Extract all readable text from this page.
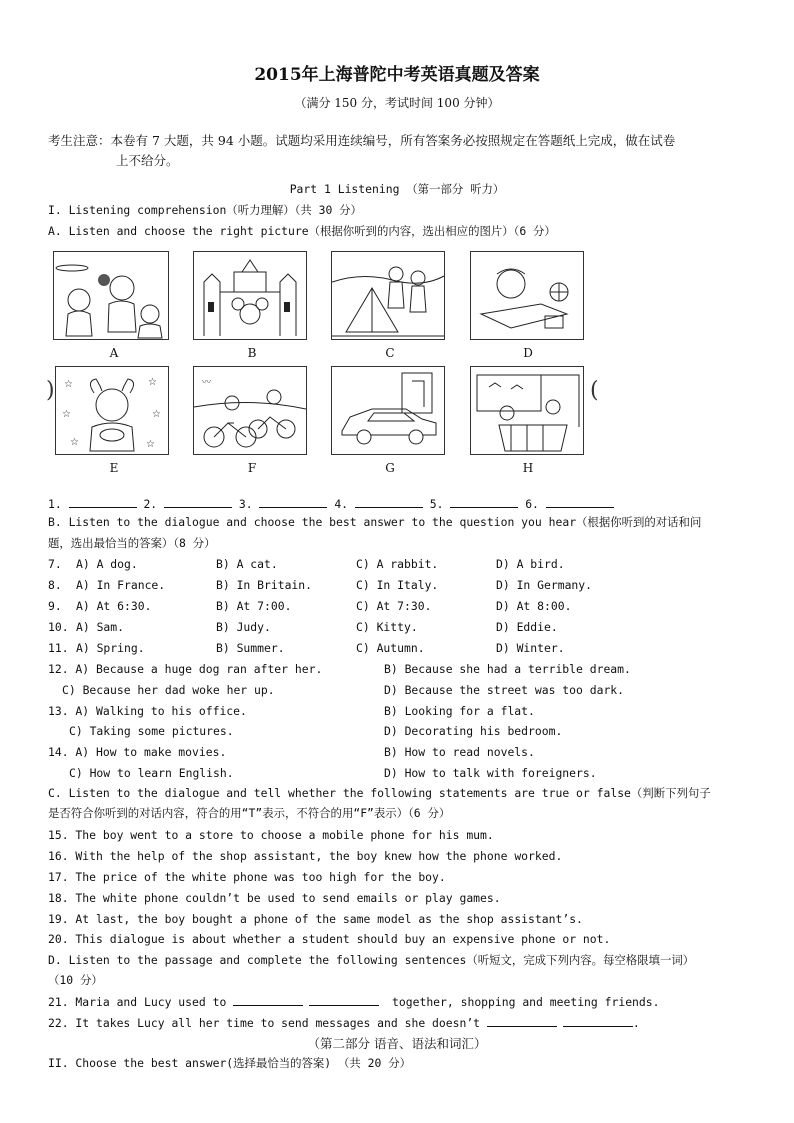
2015年上海普陀中考英语真题及答案
（满分 150 分，考试时间 100 分钟）
考生注意：本卷有 7 大题，共 94 小题。试题均采用连续编号，所有答案务必按照规定在答题纸上完成，做在试卷
上不给分。
Part 1 Listening （第一部分 听力）
I. Listening comprehension（听力理解）（共 30 分）
A. Listen and choose the right picture（根据你听到的内容，选出相应的图片）（6 分）
A	B	C	D
) ☆	☆
☆	☆
☆	☆
E
〰
F	G	H
(
1.	2.	3.	4.	5.	6.
B. Listen to the dialogue and choose the best answer to the question you hear（根据你听到的对话和问
题，选出最恰当的答案）（8 分）
7. A) A dog.	B) A cat.	C) A rabbit.	D) A bird.
8. A) In France.	B) In Britain.	C) In Italy.	D) In Germany.
9. A) At 6:30.	B) At 7:00.	C) At 7:30.	D) At 8:00.
10. A) Sam.	B) Judy.	C) Kitty.	D) Eddie.
11. A) Spring.	B) Summer.	C) Autumn.	D) Winter.
12. A) Because a huge dog ran after her.	B) Because she had a terrible dream.
C) Because her dad woke her up.	D) Because the street was too dark.
13. A) Walking to his office.	B) Looking for a flat.
C) Taking some pictures.	D) Decorating his bedroom.
14. A) How to make movies.	B) How to read novels.
C) How to learn English.	D) How to talk with foreigners.
C. Listen to the dialogue and tell whether the following statements are true or false（判断下列句子
是否符合你听到的对话内容，符合的用“T”表示，不符合的用“F”表示）（6 分）
15. The boy went to a store to choose a mobile phone for his mum.
16. With the help of the shop assistant, the boy knew how the phone worked.
17. The price of the white phone was too high for the boy.
18. The white phone couldn’t be used to send emails or play games.
19. At last, the boy bought a phone of the same model as the shop assistant’s.
20. This dialogue is about whether a student should buy an expensive phone or not.
D. Listen to the passage and complete the following sentences（听短文，完成下列内容。每空格限填一词）
（10 分）
21. Maria and Lucy used to	together, shopping and meeting friends.
22. It takes Lucy all her time to send messages and she doesn’t	.
（第二部分 语音、语法和词汇）
II. Choose the best answer(选择最恰当的答案) （共 20 分）
